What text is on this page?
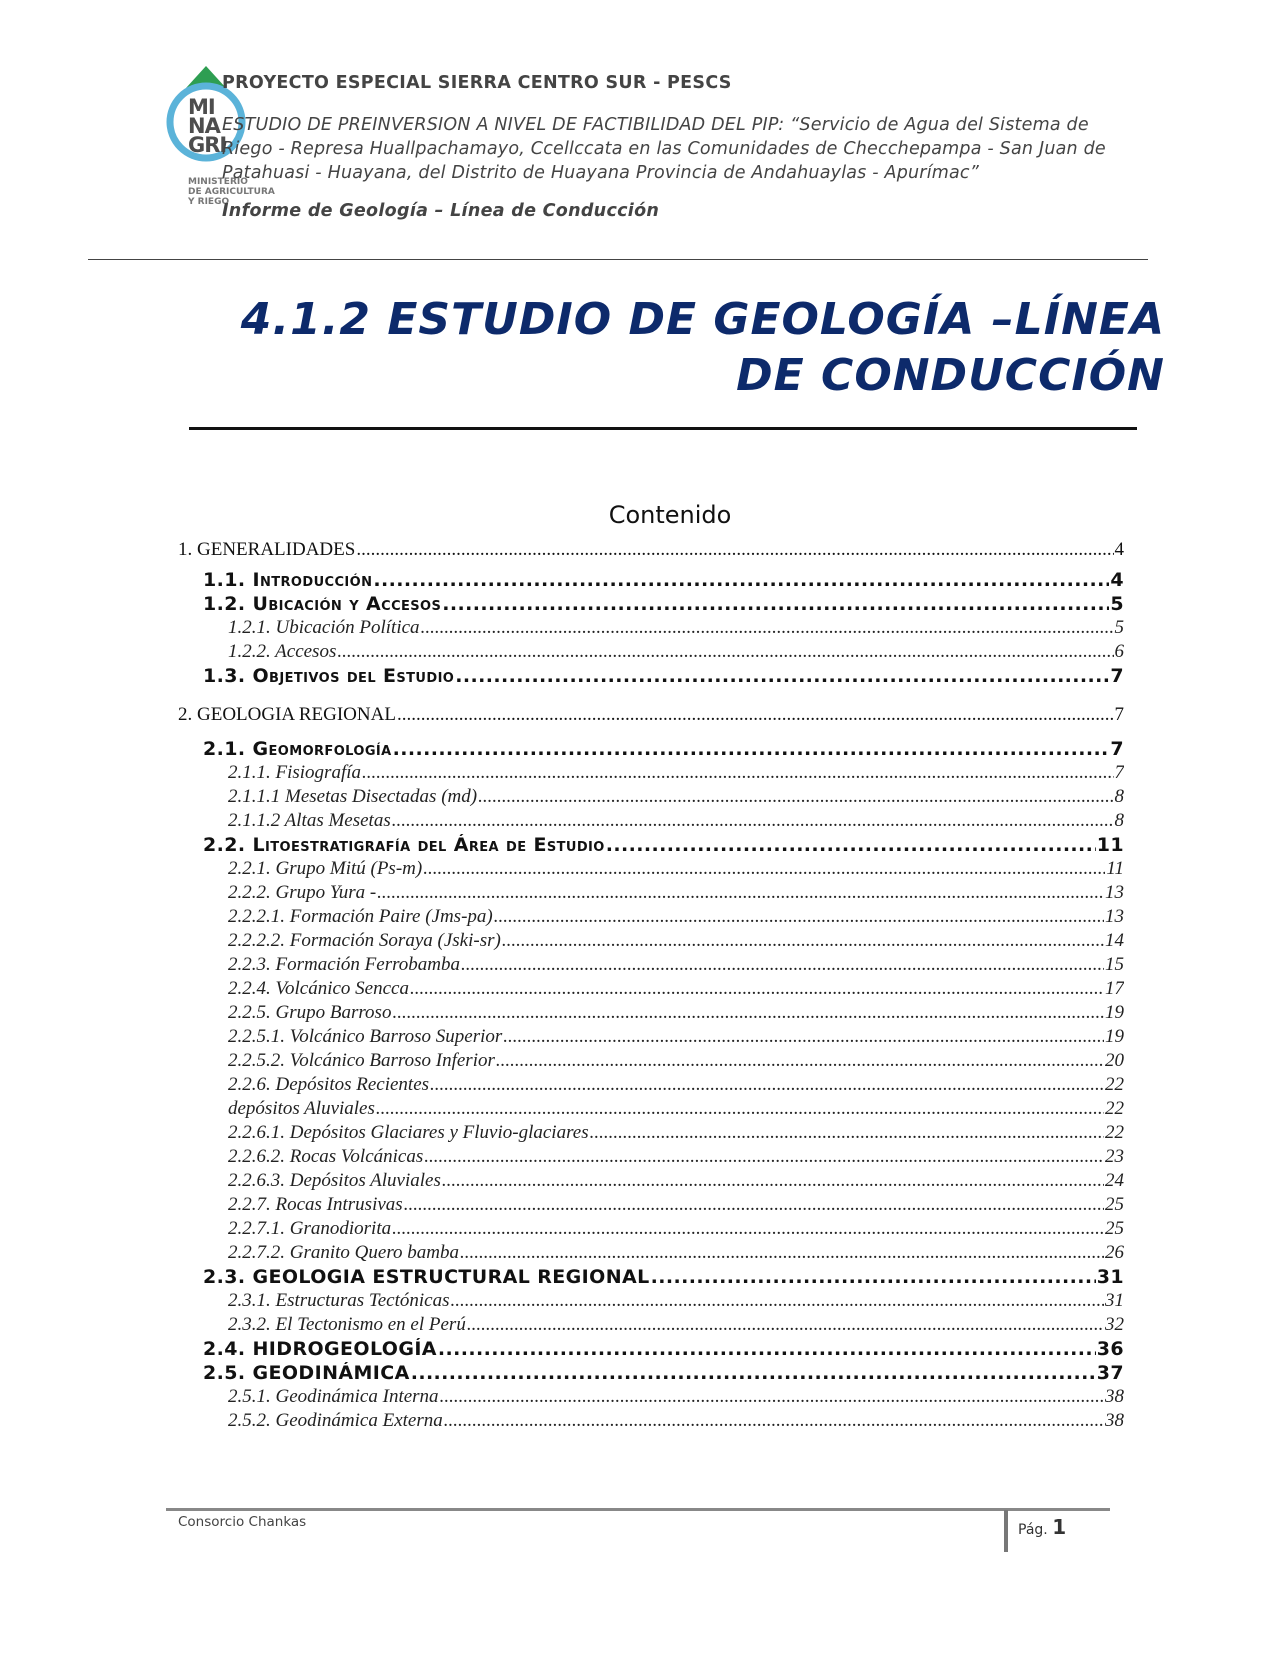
MI
NA
GRI
MINISTERIO
DE AGRICULTURA
Y RIEGO
PROYECTO ESPECIAL SIERRA CENTRO SUR - PESCS
ESTUDIO DE PREINVERSION A NIVEL DE FACTIBILIDAD DEL PIP: “Servicio de Agua del Sistema de Riego - Represa Huallpachamayo, Ccellccata en las Comunidades de Checchepampa - San Juan de Patahuasi - Huayana, del Distrito de Huayana Provincia de Andahuaylas - Apurímac”
Informe de Geología – Línea de Conducción
4.1.2 ESTUDIO DE GEOLOGÍA –LÍNEA
DE CONDUCCIÓN
Contenido
1. GENERALIDADES .....	4
1.1. Introducción .....	4
1.2. Ubicación y Accesos .....	5
1.2.1. Ubicación Política .....	5
1.2.2. Accesos .....	6
1.3. Objetivos del Estudio .....	7
2. GEOLOGIA REGIONAL .....	7
2.1. Geomorfología .....	7
2.1.1. Fisiografía .....	7
2.1.1.1 Mesetas Disectadas (md) .....	8
2.1.1.2 Altas Mesetas .....	8
2.2. Litoestratigrafía del Área de Estudio .....	11
2.2.1. Grupo Mitú (Ps-m) .....	11
2.2.2. Grupo Yura - .....	13
2.2.2.1. Formación Paire (Jms-pa) .....	13
2.2.2.2. Formación Soraya (Jski-sr) .....	14
2.2.3. Formación Ferrobamba .....	15
2.2.4. Volcánico Sencca .....	17
2.2.5. Grupo Barroso .....	19
2.2.5.1. Volcánico Barroso Superior .....	19
2.2.5.2. Volcánico Barroso Inferior .....	20
2.2.6. Depósitos Recientes .....	22
depósitos Aluviales .....	22
2.2.6.1. Depósitos Glaciares y Fluvio-glaciares .....	22
2.2.6.2. Rocas Volcánicas .....	23
2.2.6.3. Depósitos Aluviales .....	24
2.2.7. Rocas Intrusivas .....	25
2.2.7.1. Granodiorita .....	25
2.2.7.2. Granito Quero bamba .....	26
2.3. GEOLOGIA ESTRUCTURAL REGIONAL .....	31
2.3.1. Estructuras Tectónicas .....	31
2.3.2. El Tectonismo en el Perú .....	32
2.4. HIDROGEOLOGÍA .....	36
2.5. GEODINÁMICA .....	37
2.5.1. Geodinámica Interna .....	38
2.5.2. Geodinámica Externa .....	38
Consorcio Chankas	Pág. 1
